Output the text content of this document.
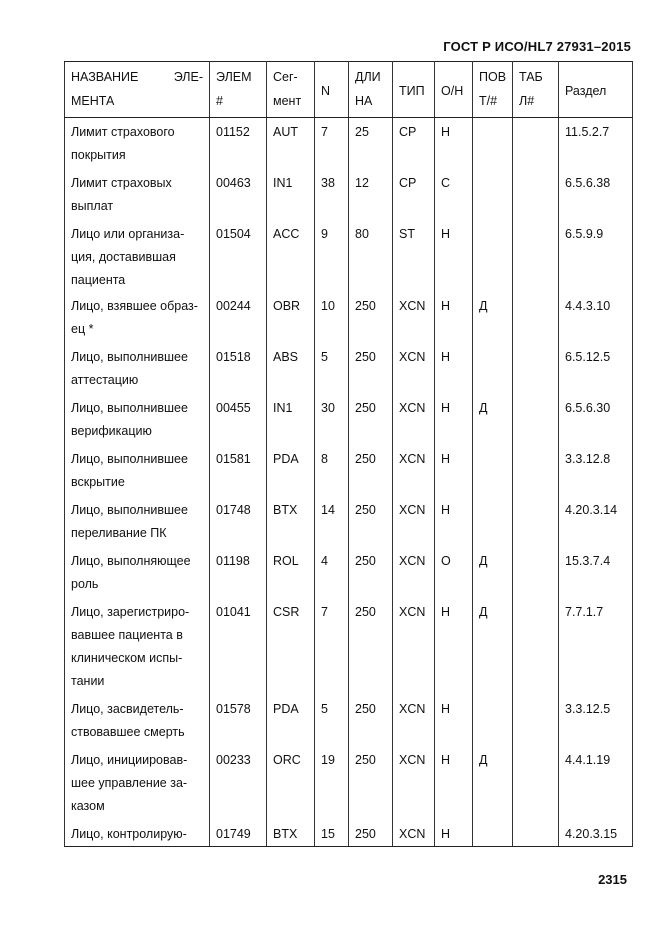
ГОСТ Р ИСО/HL7 27931–2015
НАЗВАНИЕ ЭЛЕ-МЕНТА	ЭЛЕМ #	Сег-мент	N	ДЛИ НА	ТИП	О/Н	ПОВ Т/#	ТАБ Л#	Раздел
Лимит страхового покрытия	01152	AUT	7	25	CP	Н			11.5.2.7
Лимит страховых выплат	00463	IN1	38	12	CP	С			6.5.6.38
Лицо или организа-ция, доставившая пациента	01504	ACC	9	80	ST	Н			6.5.9.9
Лицо, взявшее образ-ец *	00244	OBR	10	250	XCN	Н	Д		4.4.3.10
Лицо, выполнившее аттестацию	01518	ABS	5	250	XCN	Н			6.5.12.5
Лицо, выполнившее верификацию	00455	IN1	30	250	XCN	Н	Д		6.5.6.30
Лицо, выполнившее вскрытие	01581	PDA	8	250	XCN	Н			3.3.12.8
Лицо, выполнившее переливание ПК	01748	BTX	14	250	XCN	Н			4.20.3.14
Лицо, выполняющее роль	01198	ROL	4	250	XCN	О	Д		15.3.7.4
Лицо, зарегистриро-вавшее пациента в клиническом испы-тании	01041	CSR	7	250	XCN	Н	Д		7.7.1.7
Лицо, засвидетель-ствовавшее смерть	01578	PDA	5	250	XCN	Н			3.3.12.5
Лицо, инициировав-шее управление за-казом	00233	ORC	19	250	XCN	Н	Д		4.4.1.19
Лицо, контролирую-	01749	BTX	15	250	XCN	Н			4.20.3.15
2315
